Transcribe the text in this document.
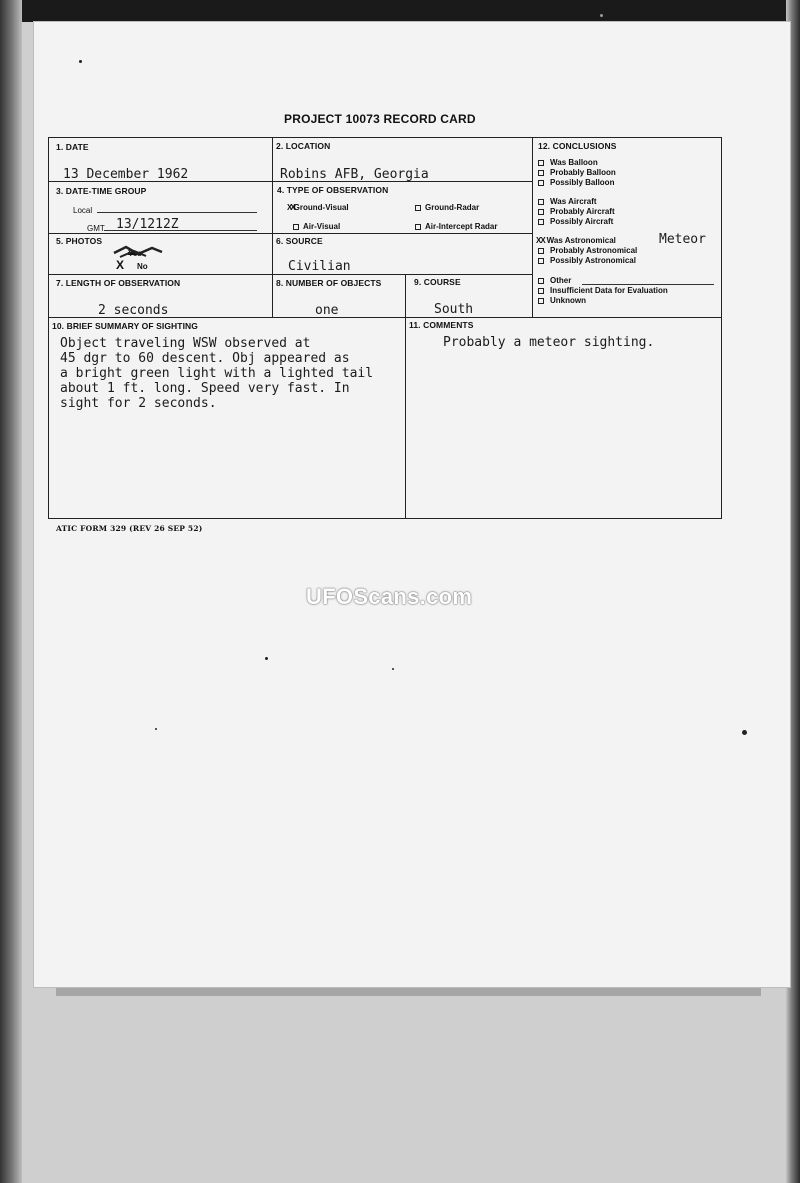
PROJECT 10073 RECORD CARD
1. DATE
13 December 1962
2. LOCATION
Robins AFB, Georgia
3. DATE-TIME GROUP
Local
GMT 13/1212Z
4. TYPE OF OBSERVATION
XXGround-Visual	Ground-Radar
Air-Visual	Air-Intercept Radar
5. PHOTOS
Yes
X No
6. SOURCE
Civilian
7. LENGTH OF OBSERVATION
2 seconds
8. NUMBER OF OBJECTS
one
9. COURSE
South
12. CONCLUSIONS
Was Balloon
Probably Balloon
Possibly Balloon
Was Aircraft
Probably Aircraft
Possibly Aircraft
XX Was Astronomical	Meteor
Probably Astronomical
Possibly Astronomical
Other
Insufficient Data for Evaluation
Unknown
10. BRIEF SUMMARY OF SIGHTING
Object traveling WSW observed at
45 dgr to 60 descent. Obj appeared as
a bright green light with a lighted tail
about 1 ft. long. Speed very fast. In
sight for 2 seconds.
11. COMMENTS
Probably a meteor sighting.
ATIC FORM 329 (REV 26 SEP 52)
UFOScans.com
